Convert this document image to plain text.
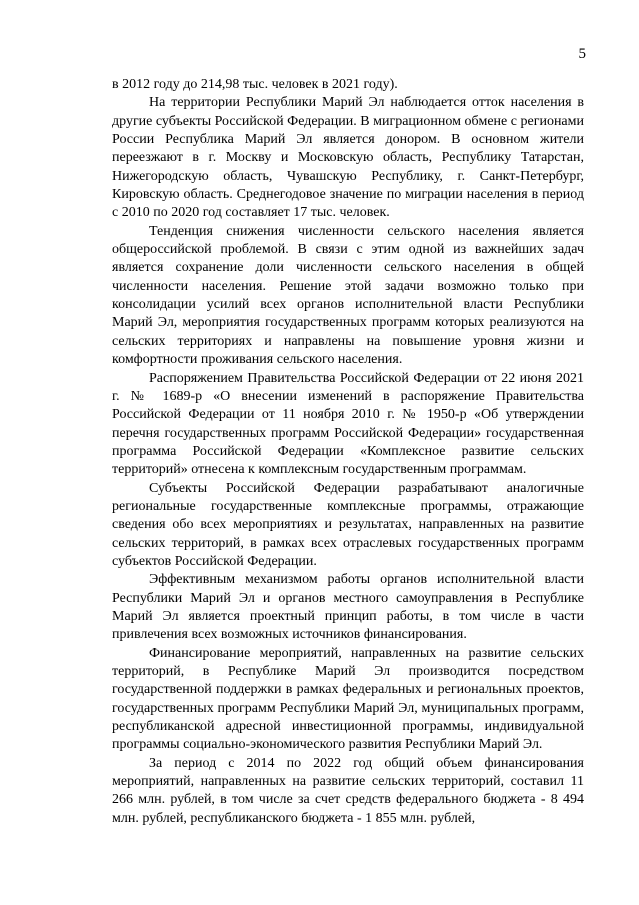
5

в 2012 году до 214,98 тыс. человек в 2021 году).

На территории Республики Марий Эл наблюдается отток населения в другие субъекты Российской Федерации. В миграционном обмене с регионами России Республика Марий Эл является донором. В основном жители переезжают в г. Москву и Московскую область, Республику Татарстан, Нижегородскую область, Чувашскую Республику, г. Санкт-Петербург, Кировскую область. Среднегодовое значение по миграции населения в период с 2010 по 2020 год составляет 17 тыс. человек.

Тенденция снижения численности сельского населения является общероссийской проблемой. В связи с этим одной из важнейших задач является сохранение доли численности сельского населения в общей численности населения. Решение этой задачи возможно только при консолидации усилий всех органов исполнительной власти Республики Марий Эл, мероприятия государственных программ которых реализуются на сельских территориях и направлены на повышение уровня жизни и комфортности проживания сельского населения.

Распоряжением Правительства Российской Федерации от 22 июня 2021 г. № 1689-р «О внесении изменений в распоряжение Правительства Российской Федерации от 11 ноября 2010 г. № 1950-р «Об утверждении перечня государственных программ Российской Федерации» государственная программа Российской Федерации «Комплексное развитие сельских территорий» отнесена к комплексным государственным программам.

Субъекты Российской Федерации разрабатывают аналогичные региональные государственные комплексные программы, отражающие сведения обо всех мероприятиях и результатах, направленных на развитие сельских территорий, в рамках всех отраслевых государственных программ субъектов Российской Федерации.

Эффективным механизмом работы органов исполнительной власти Республики Марий Эл и органов местного самоуправления в Республике Марий Эл является проектный принцип работы, в том числе в части привлечения всех возможных источников финансирования.

Финансирование мероприятий, направленных на развитие сельских территорий, в Республике Марий Эл производится посредством государственной поддержки в рамках федеральных и региональных проектов, государственных программ Республики Марий Эл, муниципальных программ, республиканской адресной инвестиционной программы, индивидуальной программы социально-экономического развития Республики Марий Эл.

За период с 2014 по 2022 год общий объем финансирования мероприятий, направленных на развитие сельских территорий, составил 11 266 млн. рублей, в том числе за счет средств федерального бюджета - 8 494 млн. рублей, республиканского бюджета - 1 855 млн. рублей,
